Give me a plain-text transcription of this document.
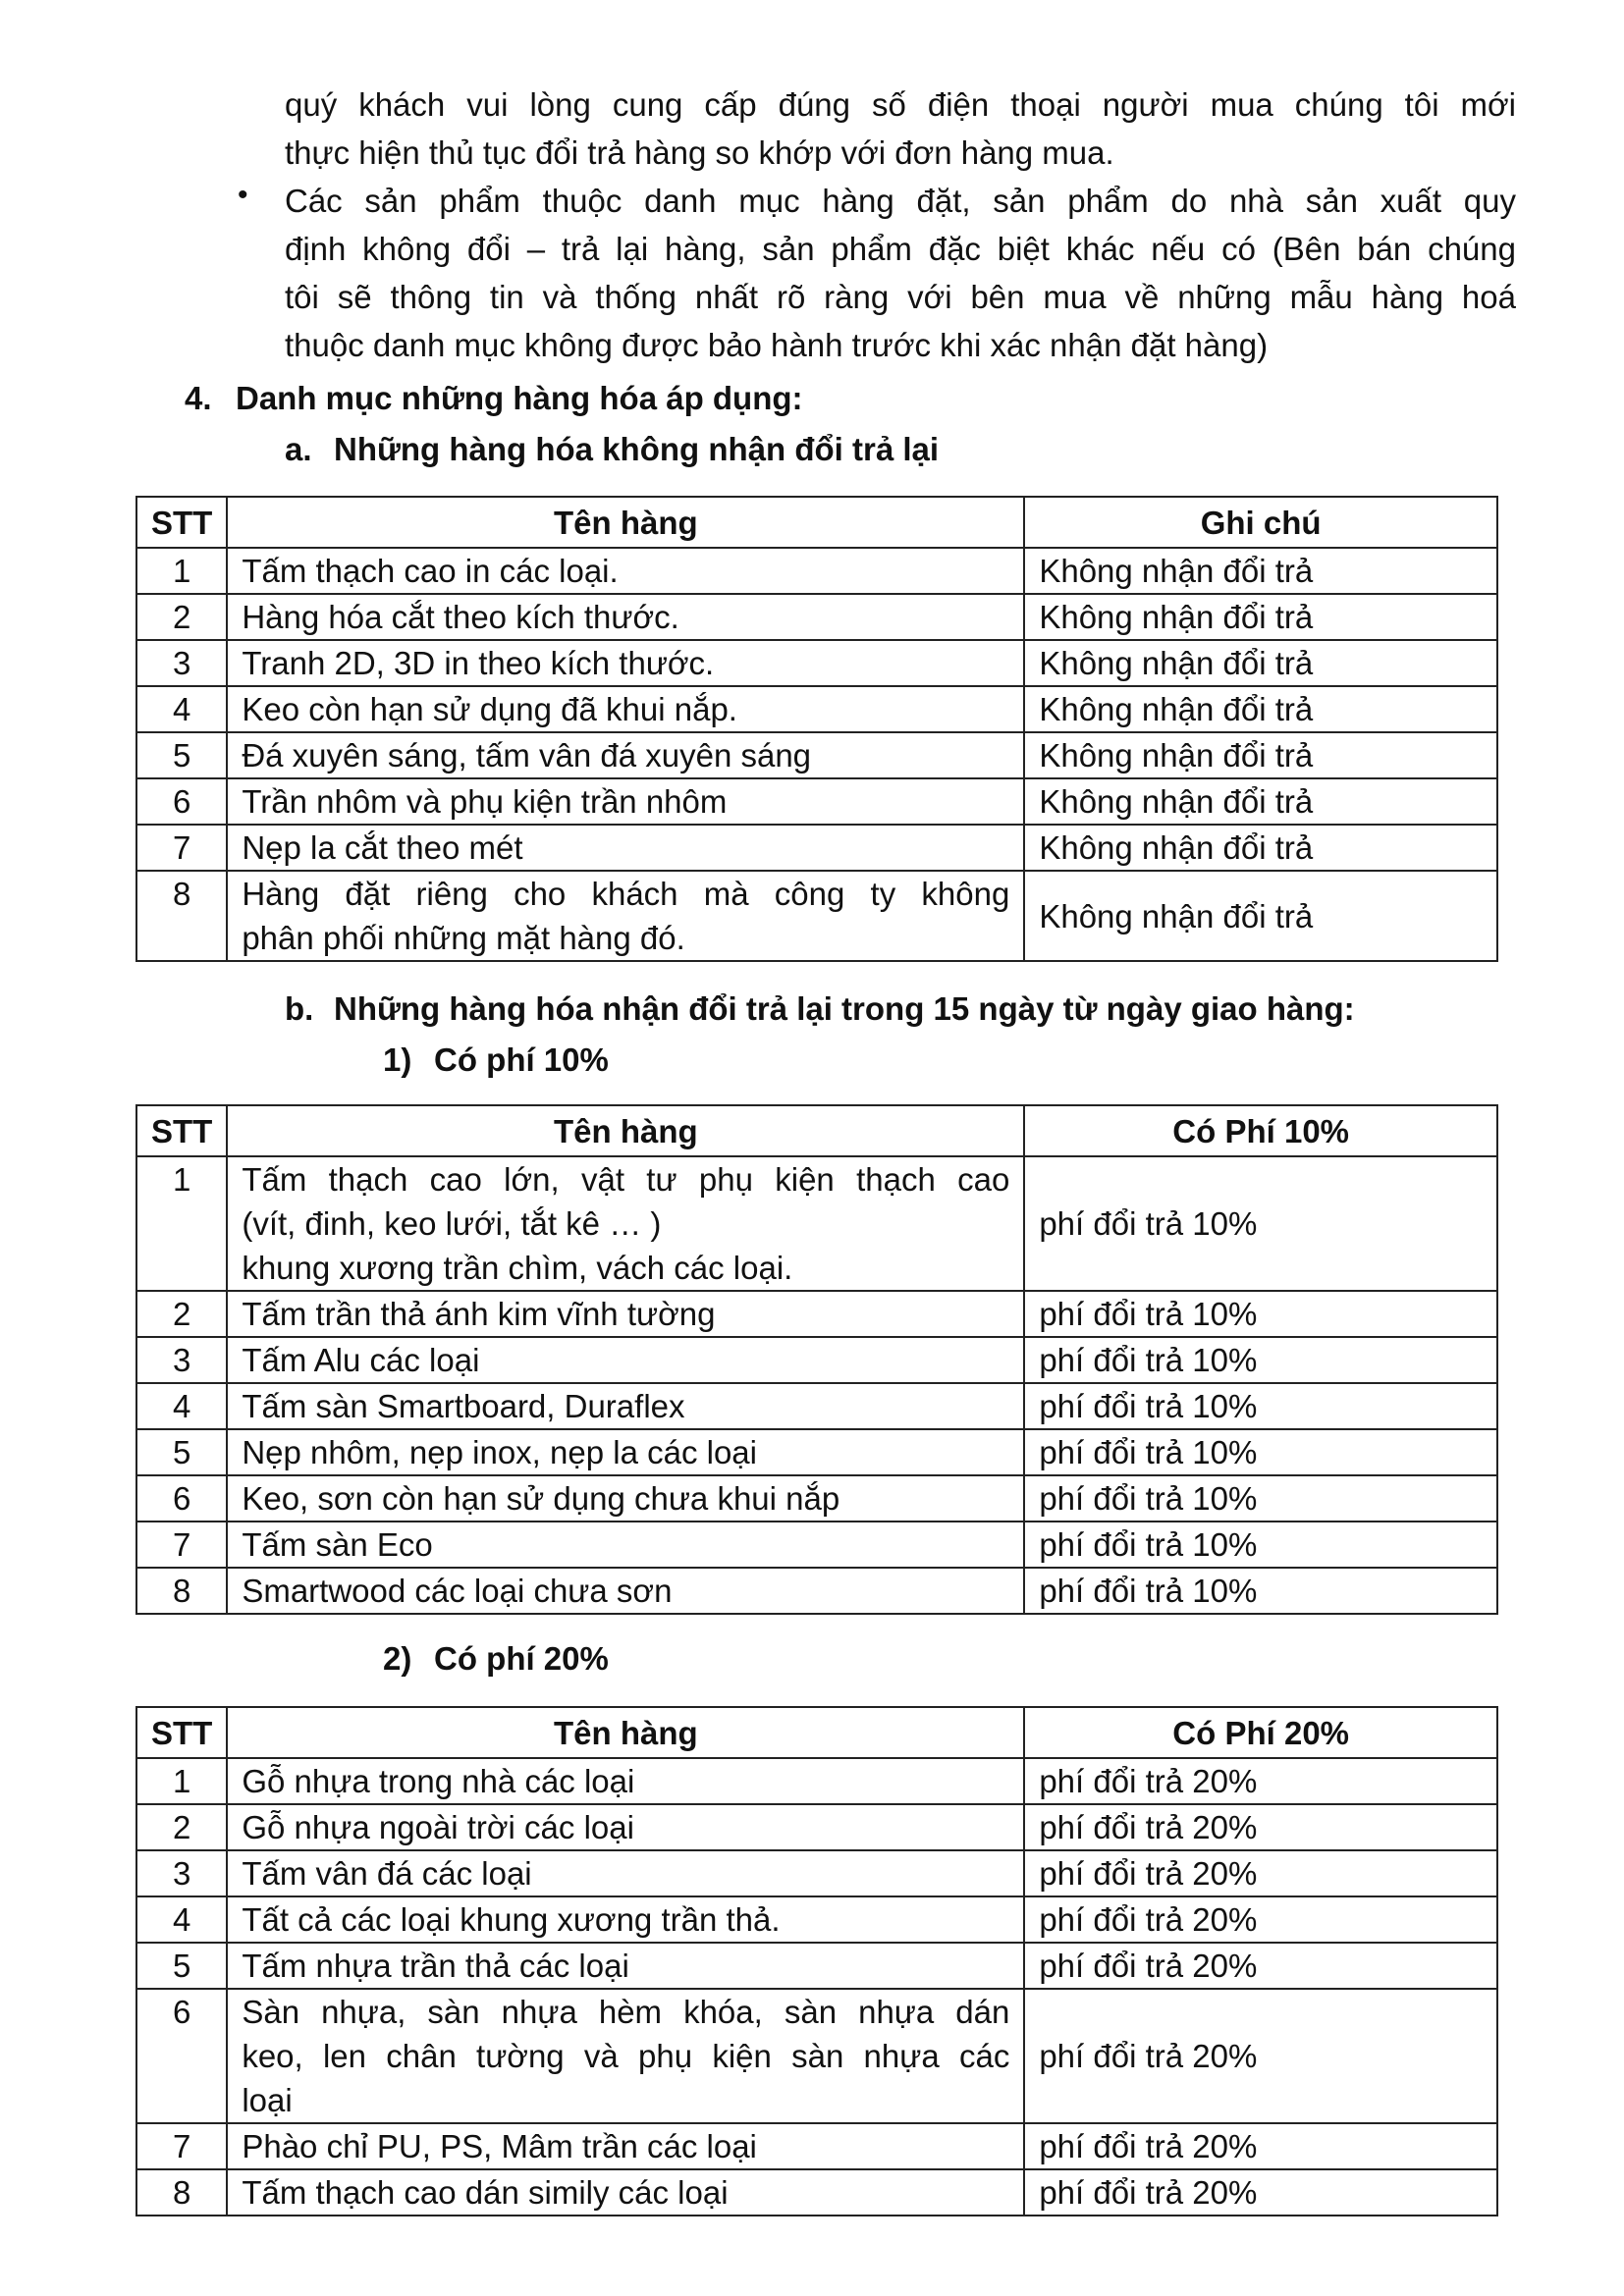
quý khách vui lòng cung cấp đúng số điện thoại người mua chúng tôi mới
thực hiện thủ tục đổi trả hàng so khớp với đơn hàng mua.
• Các sản phẩm thuộc danh mục hàng đặt, sản phẩm do nhà sản xuất quy
định không đổi – trả lại hàng, sản phẩm đặc biệt khác nếu có (Bên bán chúng
tôi sẽ thông tin và thống nhất rõ ràng với bên mua về những mẫu hàng hoá
thuộc danh mục không được bảo hành trước khi xác nhận đặt hàng)
4. Danh mục những hàng hóa áp dụng:
a. Những hàng hóa không nhận đổi trả lại
STT	Tên hàng	Ghi chú
1	Tấm thạch cao in các loại.	Không nhận đổi trả
2	Hàng hóa cắt theo kích thước.	Không nhận đổi trả
3	Tranh 2D, 3D in theo kích thước.	Không nhận đổi trả
4	Keo còn hạn sử dụng đã khui nắp.	Không nhận đổi trả
5	Đá xuyên sáng, tấm vân đá xuyên sáng	Không nhận đổi trả
6	Trần nhôm và phụ kiện trần nhôm	Không nhận đổi trả
7	Nẹp la cắt theo mét	Không nhận đổi trả
8	Hàng đặt riêng cho khách mà công ty không
phân phối những mặt hàng đó.	Không nhận đổi trả
b. Những hàng hóa nhận đổi trả lại trong 15 ngày từ ngày giao hàng:
1) Có phí 10%
STT	Tên hàng	Có Phí 10%
1	Tấm thạch cao lớn, vật tư phụ kiện thạch cao
(vít, đinh, keo lưới, tắt kê … )
khung xương trần chìm, vách các loại.	phí đổi trả 10%
2	Tấm trần thả ánh kim vĩnh tường	phí đổi trả 10%
3	Tấm Alu các loại	phí đổi trả 10%
4	Tấm sàn Smartboard, Duraflex	phí đổi trả 10%
5	Nẹp nhôm, nẹp inox, nẹp la các loại	phí đổi trả 10%
6	Keo, sơn còn hạn sử dụng chưa khui nắp	phí đổi trả 10%
7	Tấm sàn Eco	phí đổi trả 10%
8	Smartwood các loại chưa sơn	phí đổi trả 10%
2) Có phí 20%
STT	Tên hàng	Có Phí 20%
1	Gỗ nhựa trong nhà các loại	phí đổi trả 20%
2	Gỗ nhựa ngoài trời các loại	phí đổi trả 20%
3	Tấm vân đá các loại	phí đổi trả 20%
4	Tất cả các loại khung xương trần thả.	phí đổi trả 20%
5	Tấm nhựa trần thả các loại	phí đổi trả 20%
6	Sàn nhựa, sàn nhựa hèm khóa, sàn nhựa dán
keo, len chân tường và phụ kiện sàn nhựa các
loại	phí đổi trả 20%
7	Phào chỉ PU, PS, Mâm trần các loại	phí đổi trả 20%
8	Tấm thạch cao dán simily các loại	phí đổi trả 20%
